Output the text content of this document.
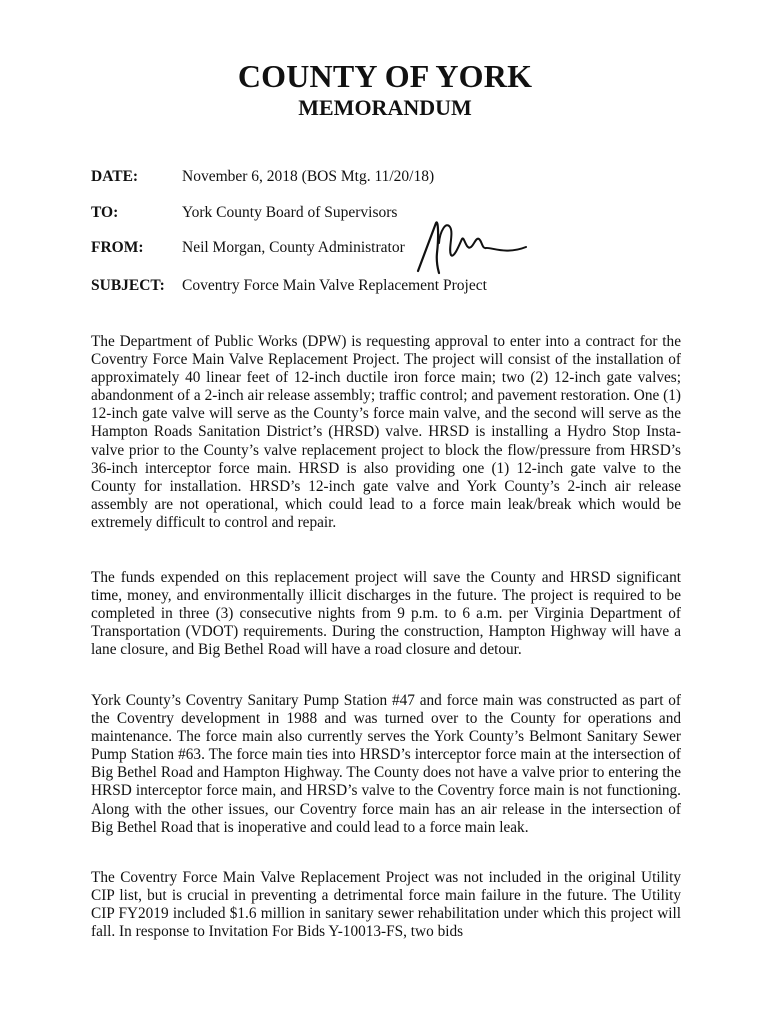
COUNTY OF YORK
MEMORANDUM
DATE:	November 6, 2018 (BOS Mtg. 11/20/18)
TO:	York County Board of Supervisors
FROM: Neil Morgan, County Administrator
SUBJECT: Coventry Force Main Valve Replacement Project

The Department of Public Works (DPW) is requesting approval to enter into a contract for the Coventry Force Main Valve Replacement Project. The project will consist of the installation of approximately 40 linear feet of 12-inch ductile iron force main; two (2) 12-inch gate valves; abandonment of a 2-inch air release assembly; traffic control; and pavement restoration. One (1) 12-inch gate valve will serve as the County’s force main valve, and the second will serve as the Hampton Roads Sanitation District’s (HRSD) valve. HRSD is installing a Hydro Stop Insta-valve prior to the County’s valve replacement project to block the flow/pressure from HRSD’s 36-inch interceptor force main. HRSD is also providing one (1) 12-inch gate valve to the County for installation. HRSD’s 12-inch gate valve and York County’s 2-inch air release assembly are not operational, which could lead to a force main leak/break which would be extremely difficult to control and repair.

The funds expended on this replacement project will save the County and HRSD significant time, money, and environmentally illicit discharges in the future. The project is required to be completed in three (3) consecutive nights from 9 p.m. to 6 a.m. per Virginia Department of Transportation (VDOT) requirements. During the construction, Hampton Highway will have a lane closure, and Big Bethel Road will have a road closure and detour.

York County’s Coventry Sanitary Pump Station #47 and force main was constructed as part of the Coventry development in 1988 and was turned over to the County for operations and maintenance. The force main also currently serves the York County’s Belmont Sanitary Sewer Pump Station #63. The force main ties into HRSD’s interceptor force main at the intersection of Big Bethel Road and Hampton Highway. The County does not have a valve prior to entering the HRSD interceptor force main, and HRSD’s valve to the Coventry force main is not functioning. Along with the other issues, our Coventry force main has an air release in the intersection of Big Bethel Road that is inoperative and could lead to a force main leak.

The Coventry Force Main Valve Replacement Project was not included in the original Utility CIP list, but is crucial in preventing a detrimental force main failure in the future. The Utility CIP FY2019 included $1.6 million in sanitary sewer rehabilitation under which this project will fall. In response to Invitation For Bids Y-10013-FS, two bids
